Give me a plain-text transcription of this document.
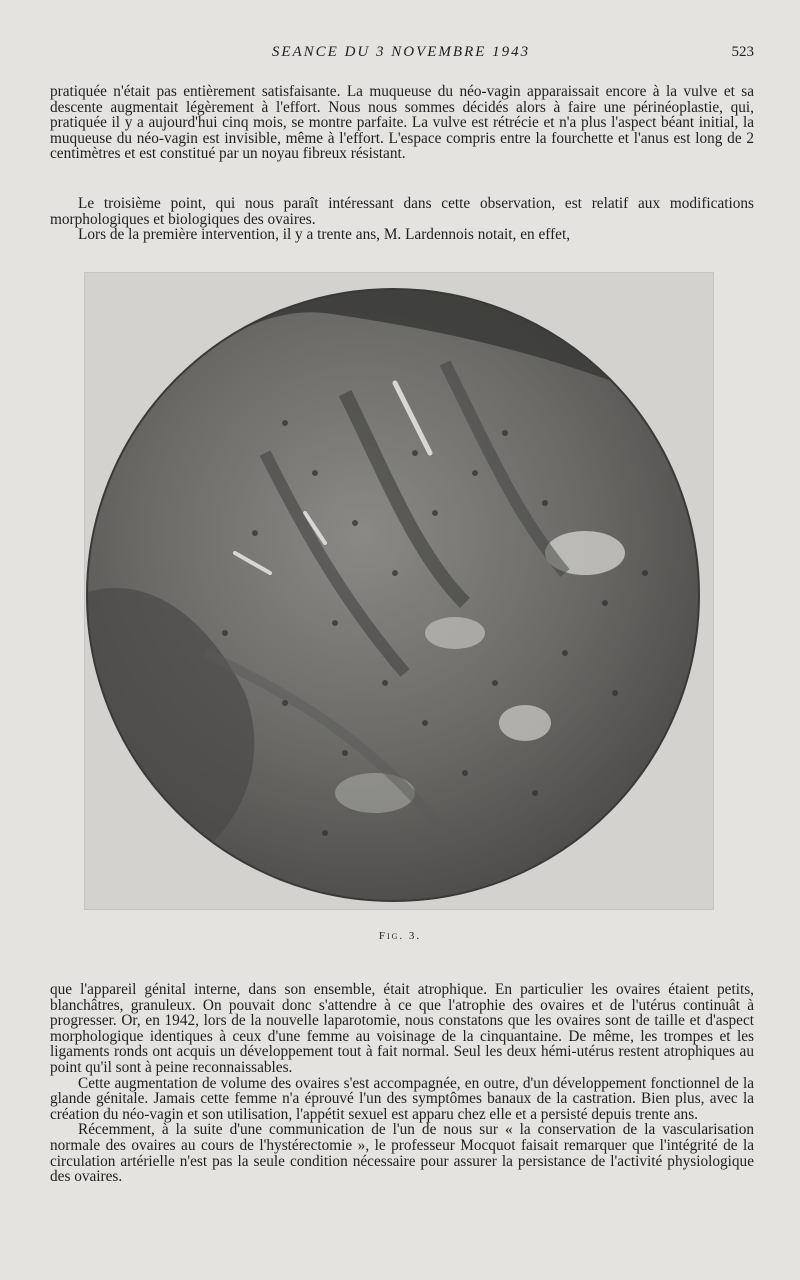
SEANCE DU 3 NOVEMBRE 1943	523

pratiquée n'était pas entièrement satisfaisante. La muqueuse du néo-vagin apparaissait encore à la vulve et sa descente augmentait légèrement à l'effort. Nous nous sommes décidés alors à faire une périnéoplastie, qui, pratiquée il y a aujourd'hui cinq mois, se montre parfaite. La vulve est rétrécie et n'a plus l'aspect béant initial, la muqueuse du néo-vagin est invisible, même à l'effort. L'espace compris entre la fourchette et l'anus est long de 2 centimètres et est constitué par un noyau fibreux résistant.

Le troisième point, qui nous paraît intéressant dans cette observation, est relatif aux modifications morphologiques et biologiques des ovaires.

Lors de la première intervention, il y a trente ans, M. Lardennois notait, en effet,

Fig. 3.

que l'appareil génital interne, dans son ensemble, était atrophique. En particulier les ovaires étaient petits, blanchâtres, granuleux. On pouvait donc s'attendre à ce que l'atrophie des ovaires et de l'utérus continuât à progresser. Or, en 1942, lors de la nouvelle laparotomie, nous constatons que les ovaires sont de taille et d'aspect morphologique identiques à ceux d'une femme au voisinage de la cinquantaine. De même, les trompes et les ligaments ronds ont acquis un développement tout à fait normal. Seul les deux hémi-utérus restent atrophiques au point qu'il sont à peine reconnaissables.

Cette augmentation de volume des ovaires s'est accompagnée, en outre, d'un développement fonctionnel de la glande génitale. Jamais cette femme n'a éprouvé l'un des symptômes banaux de la castration. Bien plus, avec la création du néo-vagin et son utilisation, l'appétit sexuel est apparu chez elle et a persisté depuis trente ans.

Récemment, à la suite d'une communication de l'un de nous sur « la conservation de la vascularisation normale des ovaires au cours de l'hystérectomie », le professeur Mocquot faisait remarquer que l'intégrité de la circulation artérielle n'est pas la seule condition nécessaire pour assurer la persistance de l'activité physiologique des ovaires.
